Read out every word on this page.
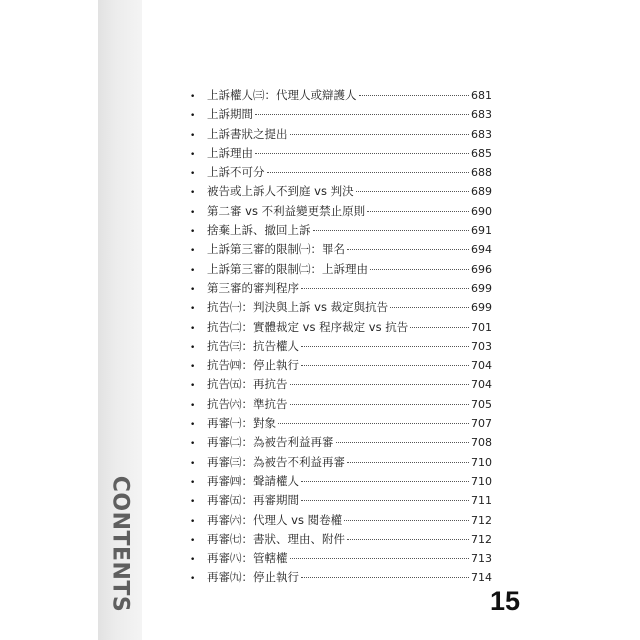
CONTENTS
•	上訴權人㈢：代理人或辯護人	681
•	上訴期間	683
•	上訴書狀之提出	683
•	上訴理由	685
•	上訴不可分	688
•	被告或上訴人不到庭 vs 判決	689
•	第二審 vs 不利益變更禁止原則	690
•	捨棄上訴、撤回上訴	691
•	上訴第三審的限制㈠：罪名	694
•	上訴第三審的限制㈡：上訴理由	696
•	第三審的審判程序	699
•	抗告㈠：判決與上訴 vs 裁定與抗告	699
•	抗告㈡：實體裁定 vs 程序裁定 vs 抗告	701
•	抗告㈢：抗告權人	703
•	抗告㈣：停止執行	704
•	抗告㈤：再抗告	704
•	抗告㈥：準抗告	705
•	再審㈠：對象	707
•	再審㈡：為被告利益再審	708
•	再審㈢：為被告不利益再審	710
•	再審㈣：聲請權人	710
•	再審㈤：再審期間	711
•	再審㈥：代理人 vs 閱卷權	712
•	再審㈦：書狀、理由、附件	712
•	再審㈧：管轄權	713
•	再審㈨：停止執行	714
15
